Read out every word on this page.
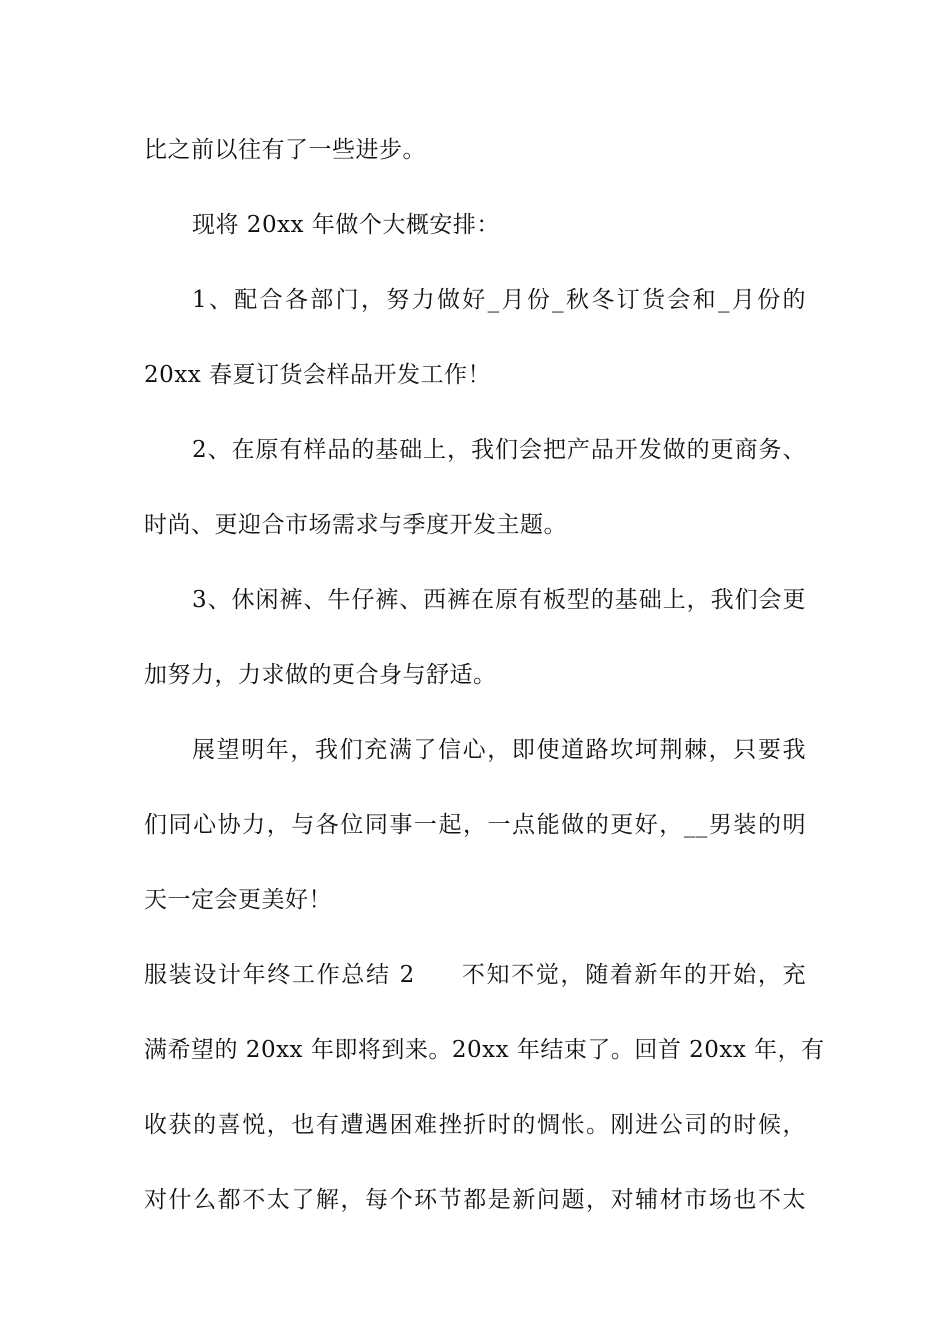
比之前以往有了一些进步。
现将 20xx 年做个大概安排：
1、配合各部门，努力做好_月份_秋冬订货会和_月份的
20xx 春夏订货会样品开发工作！
2、在原有样品的基础上，我们会把产品开发做的更商务、
时尚、更迎合市场需求与季度开发主题。
3、休闲裤、牛仔裤、西裤在原有板型的基础上，我们会更
加努力，力求做的更合身与舒适。
展望明年，我们充满了信心，即使道路坎坷荆棘，只要我
们同心协力，与各位同事一起，一点能做的更好，__男装的明
天一定会更美好！
服装设计年终工作总结 2 不知不觉，随着新年的开始，充
满希望的 20xx 年即将到来。20xx 年结束了。回首 20xx 年，有
收获的喜悦，也有遭遇困难挫折时的惆怅。刚进公司的时候，
对什么都不太了解，每个环节都是新问题，对辅材市场也不太
